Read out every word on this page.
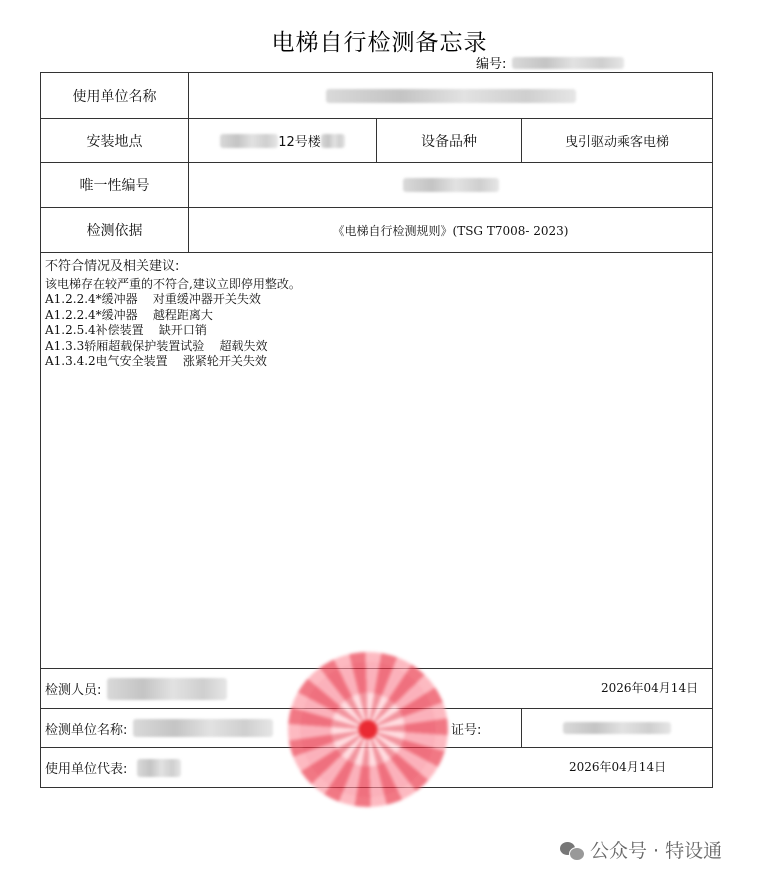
电梯自行检测备忘录
编号:
使用单位名称
安装地点	12号楼	设备品种	曳引驱动乘客电梯
唯一性编号
检测依据	《电梯自行检测规则》(TSG T7008- 2023)
不符合情况及相关建议:
该电梯存在较严重的不符合,建议立即停用整改。
A1.2.2.4*缓冲器    对重缓冲器开关失效
A1.2.2.4*缓冲器    越程距离大
A1.2.5.4补偿装置    缺开口销
A1.3.3轿厢超载保护装置试验    超载失效
A1.3.4.2电气安全装置    涨紧轮开关失效
检测人员:	2026年04月14日
检测单位名称:	证号:
使用单位代表:	2026年04月14日
公众号 · 特设通
